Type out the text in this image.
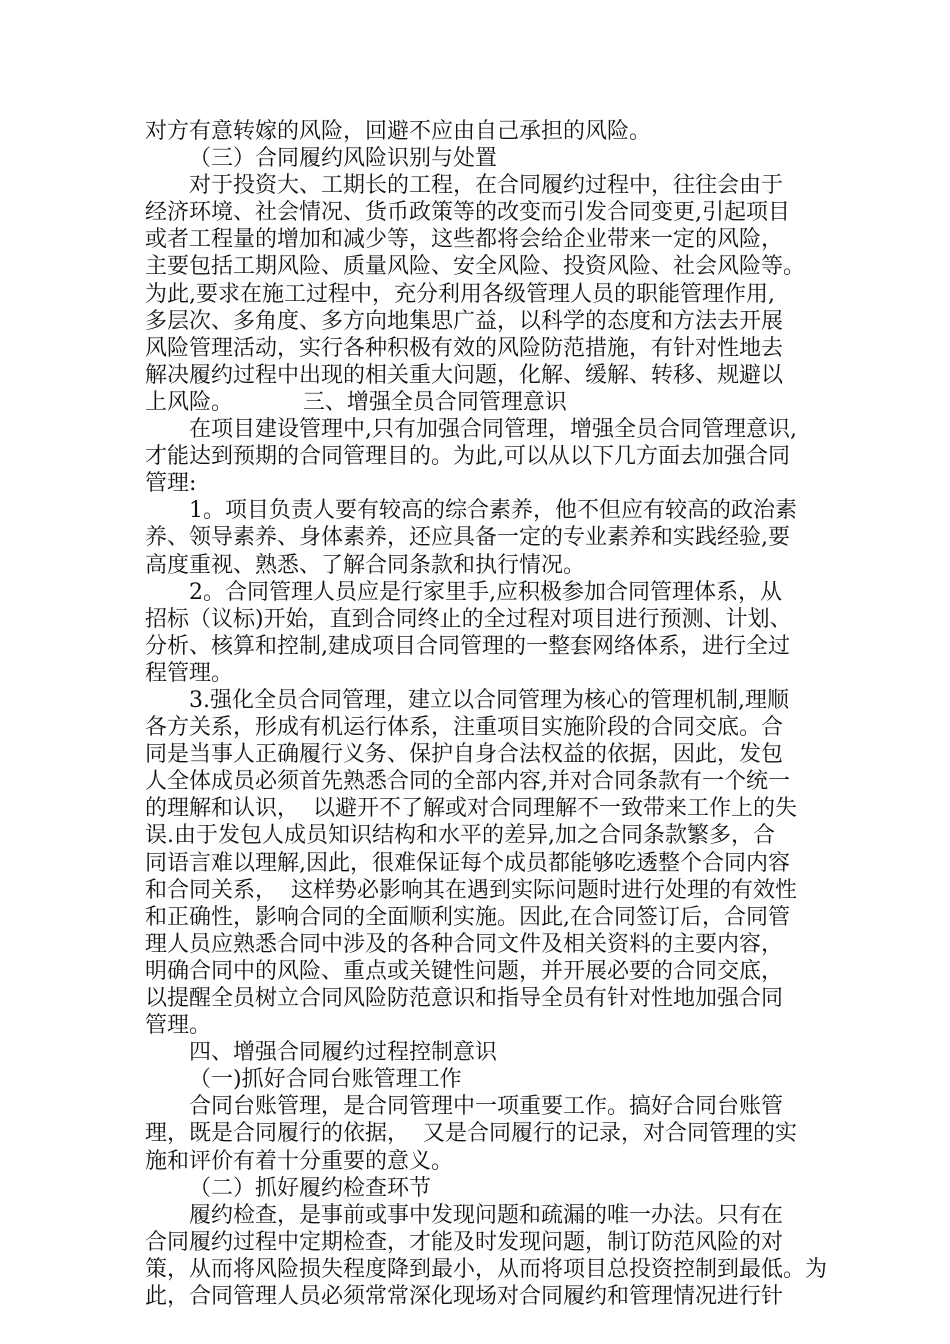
对方有意转嫁的风险，回避不应由自己承担的风险。
（三）合同履约风险识别与处置
对于投资大、工期长的工程，在合同履约过程中，往往会由于
经济环境、社会情况、货币政策等的改变而引发合同变更,引起项目
或者工程量的增加和减少等，这些都将会给企业带来一定的风险，
主要包括工期风险、质量风险、安全风险、投资风险、社会风险等。
为此,要求在施工过程中，充分利用各级管理人员的职能管理作用,
多层次、多角度、多方向地集思广益，以科学的态度和方法去开展
风险管理活动，实行各种积极有效的风险防范措施，有针对性地去
解决履约过程中出现的相关重大问题，化解、缓解、转移、规避以
上风险。          三、增强全员合同管理意识
在项目建设管理中,只有加强合同管理，增强全员合同管理意识,
才能达到预期的合同管理目的。为此,可以从以下几方面去加强合同
管理:
1。项目负责人要有较高的综合素养，他不但应有较高的政治素
养、领导素养、身体素养，还应具备一定的专业素养和实践经验,要
高度重视、熟悉、了解合同条款和执行情况。
2。合同管理人员应是行家里手,应积极参加合同管理体系，从
招标（议标)开始，直到合同终止的全过程对项目进行预测、计划、
分析、核算和控制,建成项目合同管理的一整套网络体系，进行全过
程管理。
3.强化全员合同管理，建立以合同管理为核心的管理机制,理顺
各方关系，形成有机运行体系，注重项目实施阶段的合同交底。合
同是当事人正确履行义务、保护自身合法权益的依据，因此，发包
人全体成员必须首先熟悉合同的全部内容,并对合同条款有一个统一
的理解和认识，  以避开不了解或对合同理解不一致带来工作上的失
误.由于发包人成员知识结构和水平的差异,加之合同条款繁多，合
同语言难以理解,因此，很难保证每个成员都能够吃透整个合同内容
和合同关系，  这样势必影响其在遇到实际问题时进行处理的有效性
和正确性，影响合同的全面顺利实施。因此,在合同签订后，合同管
理人员应熟悉合同中涉及的各种合同文件及相关资料的主要内容，
明确合同中的风险、重点或关键性问题，并开展必要的合同交底，
以提醒全员树立合同风险防范意识和指导全员有针对性地加强合同
管理。
四、增强合同履约过程控制意识
（一)抓好合同台账管理工作
合同台账管理，是合同管理中一项重要工作。搞好合同台账管
理，既是合同履行的依据，  又是合同履行的记录，对合同管理的实
施和评价有着十分重要的意义。
（二）抓好履约检查环节
履约检查，是事前或事中发现问题和疏漏的唯一办法。只有在
合同履约过程中定期检查，才能及时发现问题，制订防范风险的对
策，从而将风险损失程度降到最小，从而将项目总投资控制到最低。为
此，合同管理人员必须常常深化现场对合同履约和管理情况进行针
